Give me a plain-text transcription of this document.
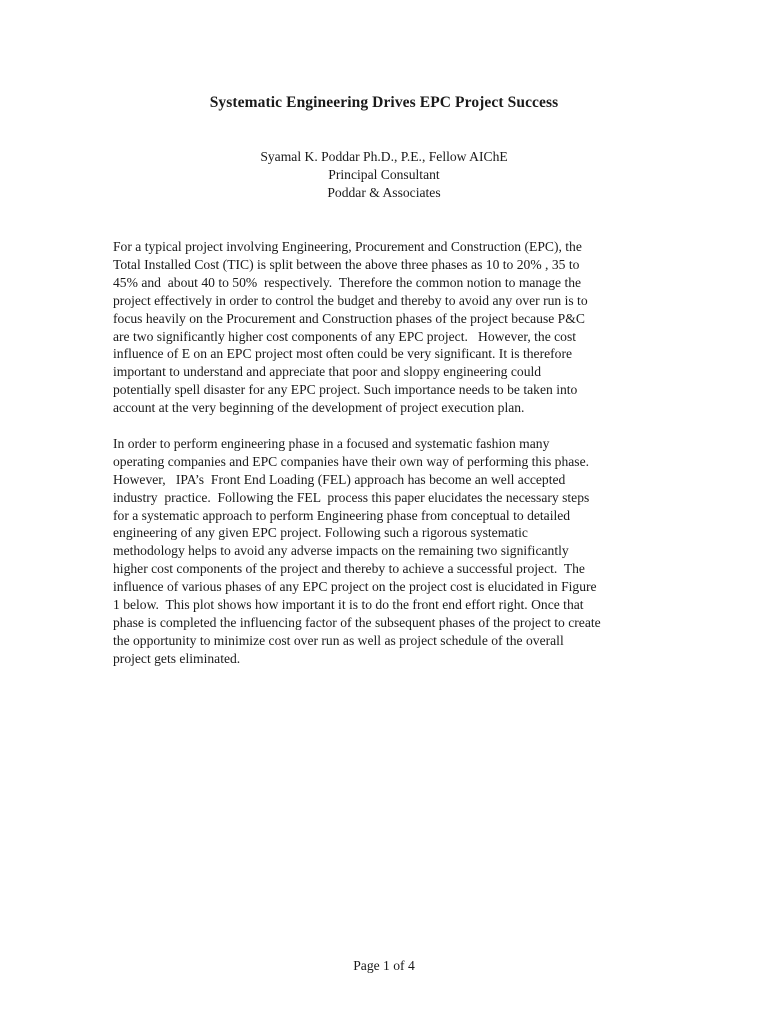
Systematic Engineering Drives EPC Project Success
Syamal K. Poddar Ph.D., P.E., Fellow AIChE
Principal Consultant
Poddar & Associates
For a typical project involving Engineering, Procurement and Construction (EPC), the
Total Installed Cost (TIC) is split between the above three phases as 10 to 20% , 35 to
45% and  about 40 to 50%  respectively.  Therefore the common notion to manage the
project effectively in order to control the budget and thereby to avoid any over run is to
focus heavily on the Procurement and Construction phases of the project because P&C
are two significantly higher cost components of any EPC project.   However, the cost
influence of E on an EPC project most often could be very significant. It is therefore
important to understand and appreciate that poor and sloppy engineering could
potentially spell disaster for any EPC project. Such importance needs to be taken into
account at the very beginning of the development of project execution plan.
In order to perform engineering phase in a focused and systematic fashion many
operating companies and EPC companies have their own way of performing this phase.
However,   IPA’s  Front End Loading (FEL) approach has become an well accepted
industry  practice.  Following the FEL  process this paper elucidates the necessary steps
for a systematic approach to perform Engineering phase from conceptual to detailed
engineering of any given EPC project. Following such a rigorous systematic
methodology helps to avoid any adverse impacts on the remaining two significantly
higher cost components of the project and thereby to achieve a successful project.  The
influence of various phases of any EPC project on the project cost is elucidated in Figure
1 below.  This plot shows how important it is to do the front end effort right. Once that
phase is completed the influencing factor of the subsequent phases of the project to create
the opportunity to minimize cost over run as well as project schedule of the overall
project gets eliminated.
Page 1 of 4
